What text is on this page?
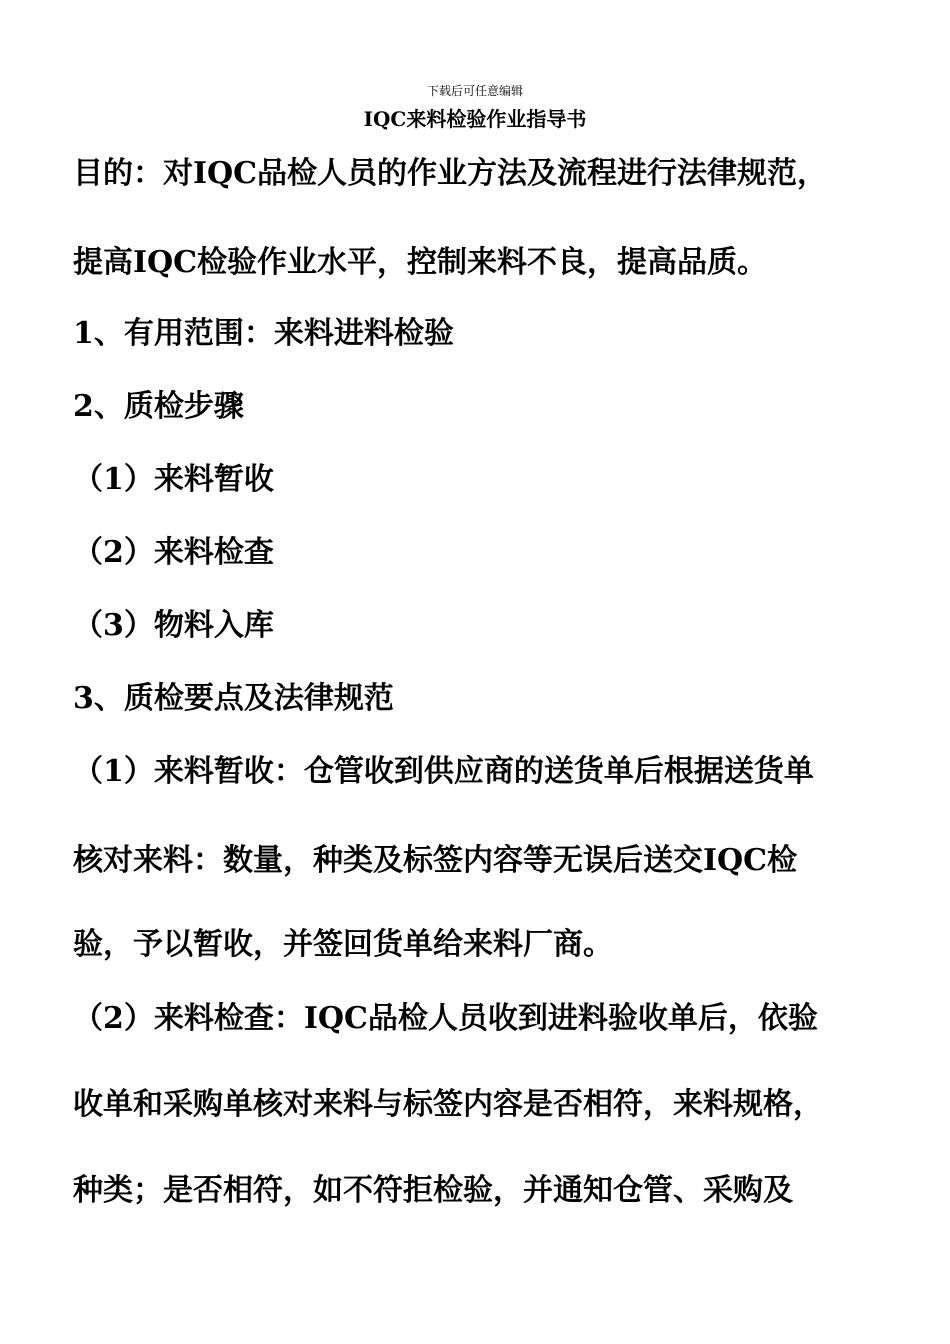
下载后可任意编辑
IQC来料检验作业指导书
目的：对IQC品检人员的作业方法及流程进行法律规范，
提高IQC检验作业水平，控制来料不良，提高品质。
1、有用范围：来料进料检验
2、质检步骤
（1）来料暂收
（2）来料检查
（3）物料入库
3、质检要点及法律规范
（1）来料暂收：仓管收到供应商的送货单后根据送货单
核对来料：数量，种类及标签内容等无误后送交IQC检
验，予以暂收，并签回货单给来料厂商。
（2）来料检查：IQC品检人员收到进料验收单后，依验
收单和采购单核对来料与标签内容是否相符，来料规格，
种类；是否相符，如不符拒检验，并通知仓管、采购及
